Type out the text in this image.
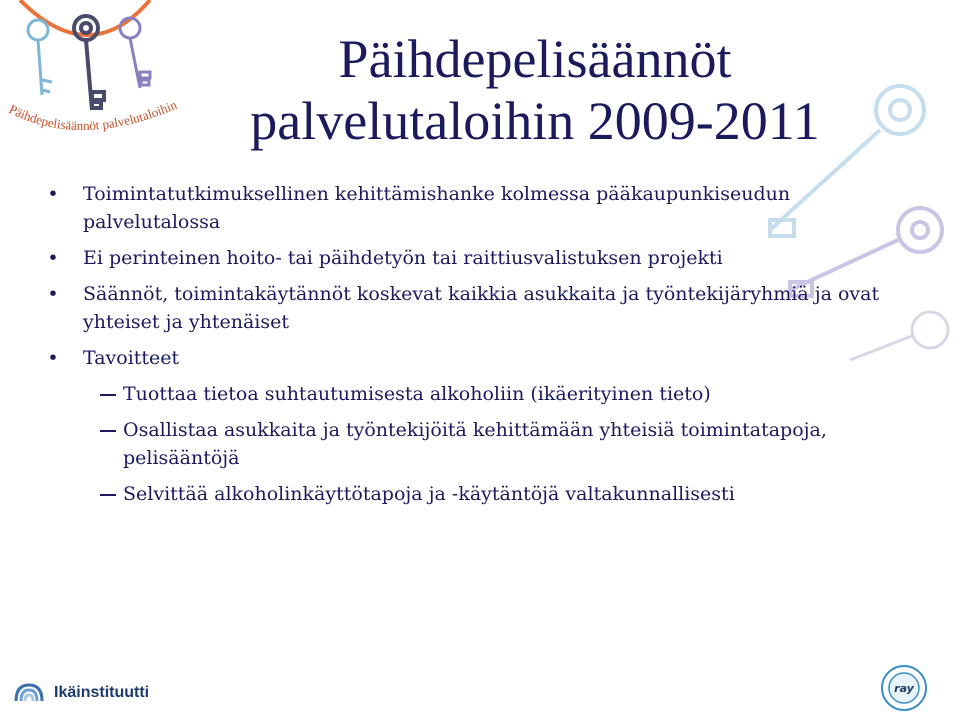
Päihdepelisäännöt palvelutaloihin
Päihdepelisäännöt
palvelutaloihin 2009-2011
• Toimintatutkimuksellinen kehittämishanke kolmessa pääkaupunkiseudun palvelutalossa
• Ei perinteinen hoito- tai päihdetyön tai raittiusvalistuksen projekti
• Säännöt, toimintakäytännöt koskevat kaikkia asukkaita ja työntekijäryhmiä ja ovat yhteiset ja yhtenäiset
• Tavoitteet
Tuottaa tietoa suhtautumisesta alkoholiin (ikäerityinen tieto)
Osallistaa asukkaita ja työntekijöitä kehittämään yhteisiä toimintatapoja, pelisääntöjä
Selvittää alkoholinkäyttötapoja ja -käytäntöjä valtakunnallisesti
Ikäinstituutti	ray
